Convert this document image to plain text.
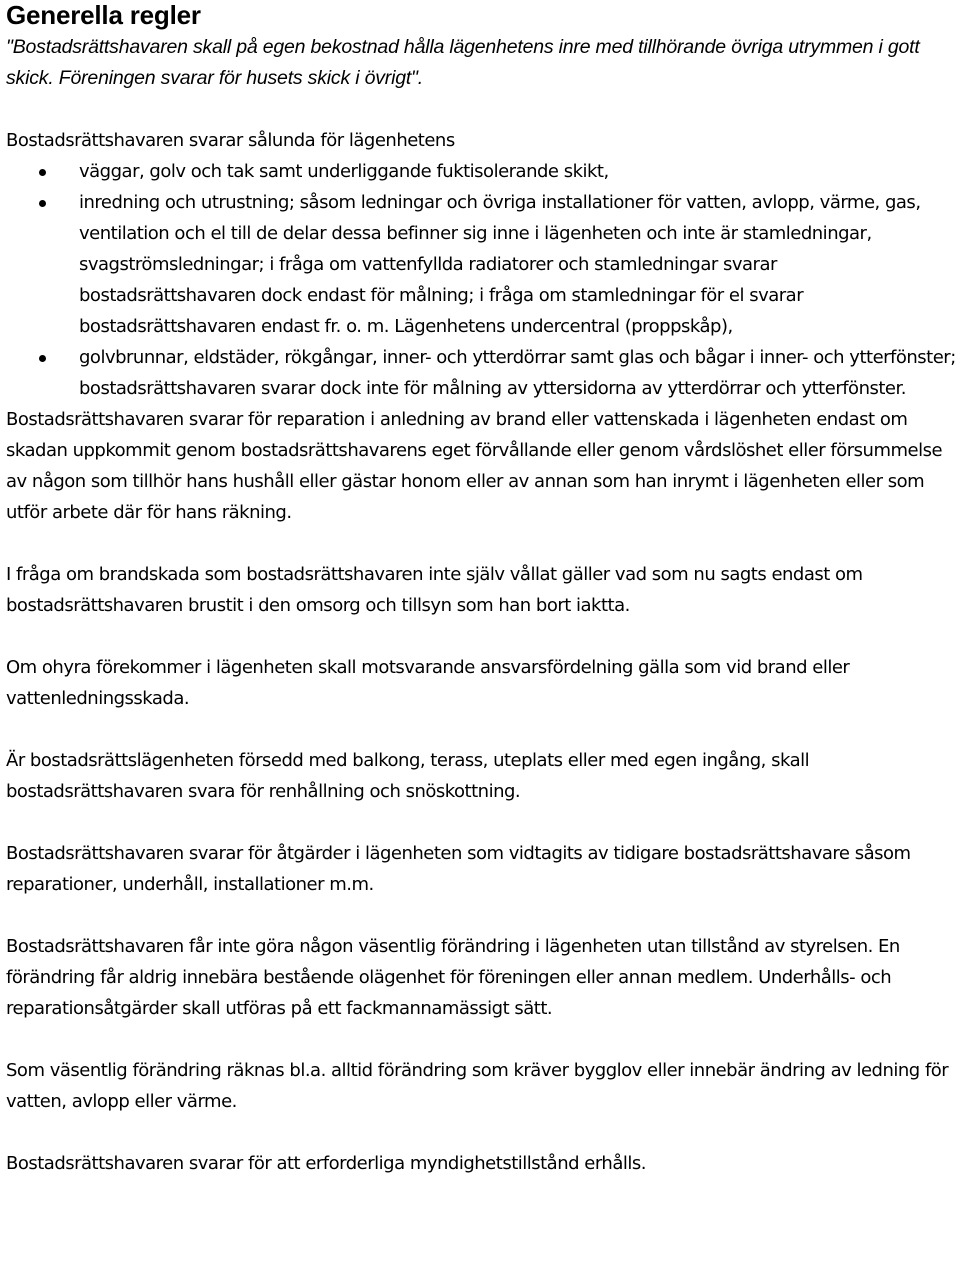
Generella regler

"Bostadsrättshavaren skall på egen bekostnad hålla lägenhetens inre med tillhörande övriga utrymmen i gott skick. Föreningen svarar för husets skick i övrigt".

Bostadsrättshavaren svarar sålunda för lägenhetens

väggar, golv och tak samt underliggande fuktisolerande skikt,
inredning och utrustning; såsom ledningar och övriga installationer för vatten, avlopp, värme, gas, ventilation och el till de delar dessa befinner sig inne i lägenheten och inte är stamledningar, svagströmsledningar; i fråga om vattenfyllda radiatorer och stamledningar svarar bostadsrättshavaren dock endast för målning; i fråga om stamledningar för el svarar bostadsrättshavaren endast fr. o. m. Lägenhetens undercentral (proppskåp),
golvbrunnar, eldstäder, rökgångar, inner- och ytterdörrar samt glas och bågar i inner- och ytterfönster; bostadsrättshavaren svarar dock inte för målning av yttersidorna av ytterdörrar och ytterfönster.

Bostadsrättshavaren svarar för reparation i anledning av brand eller vattenskada i lägenheten endast om skadan uppkommit genom bostadsrättshavarens eget förvållande eller genom vårdslöshet eller försummelse av någon som tillhör hans hushåll eller gästar honom eller av annan som han inrymt i lägenheten eller som utför arbete där för hans räkning.

I fråga om brandskada som bostadsrättshavaren inte själv vållat gäller vad som nu sagts endast om bostadsrättshavaren brustit i den omsorg och tillsyn som han bort iaktta.

Om ohyra förekommer i lägenheten skall motsvarande ansvarsfördelning gälla som vid brand eller vattenledningsskada.

Är bostadsrättslägenheten försedd med balkong, terass, uteplats eller med egen ingång, skall bostadsrättshavaren svara för renhållning och snöskottning.

Bostadsrättshavaren svarar för åtgärder i lägenheten som vidtagits av tidigare bostadsrättshavare såsom reparationer, underhåll, installationer m.m.

Bostadsrättshavaren får inte göra någon väsentlig förändring i lägenheten utan tillstånd av styrelsen. En förändring får aldrig innebära bestående olägenhet för föreningen eller annan medlem. Underhålls- och reparationsåtgärder skall utföras på ett fackmannamässigt sätt.

Som väsentlig förändring räknas bl.a. alltid förändring som kräver bygglov eller innebär ändring av ledning för vatten, avlopp eller värme.

Bostadsrättshavaren svarar för att erforderliga myndighetstillstånd erhålls.
